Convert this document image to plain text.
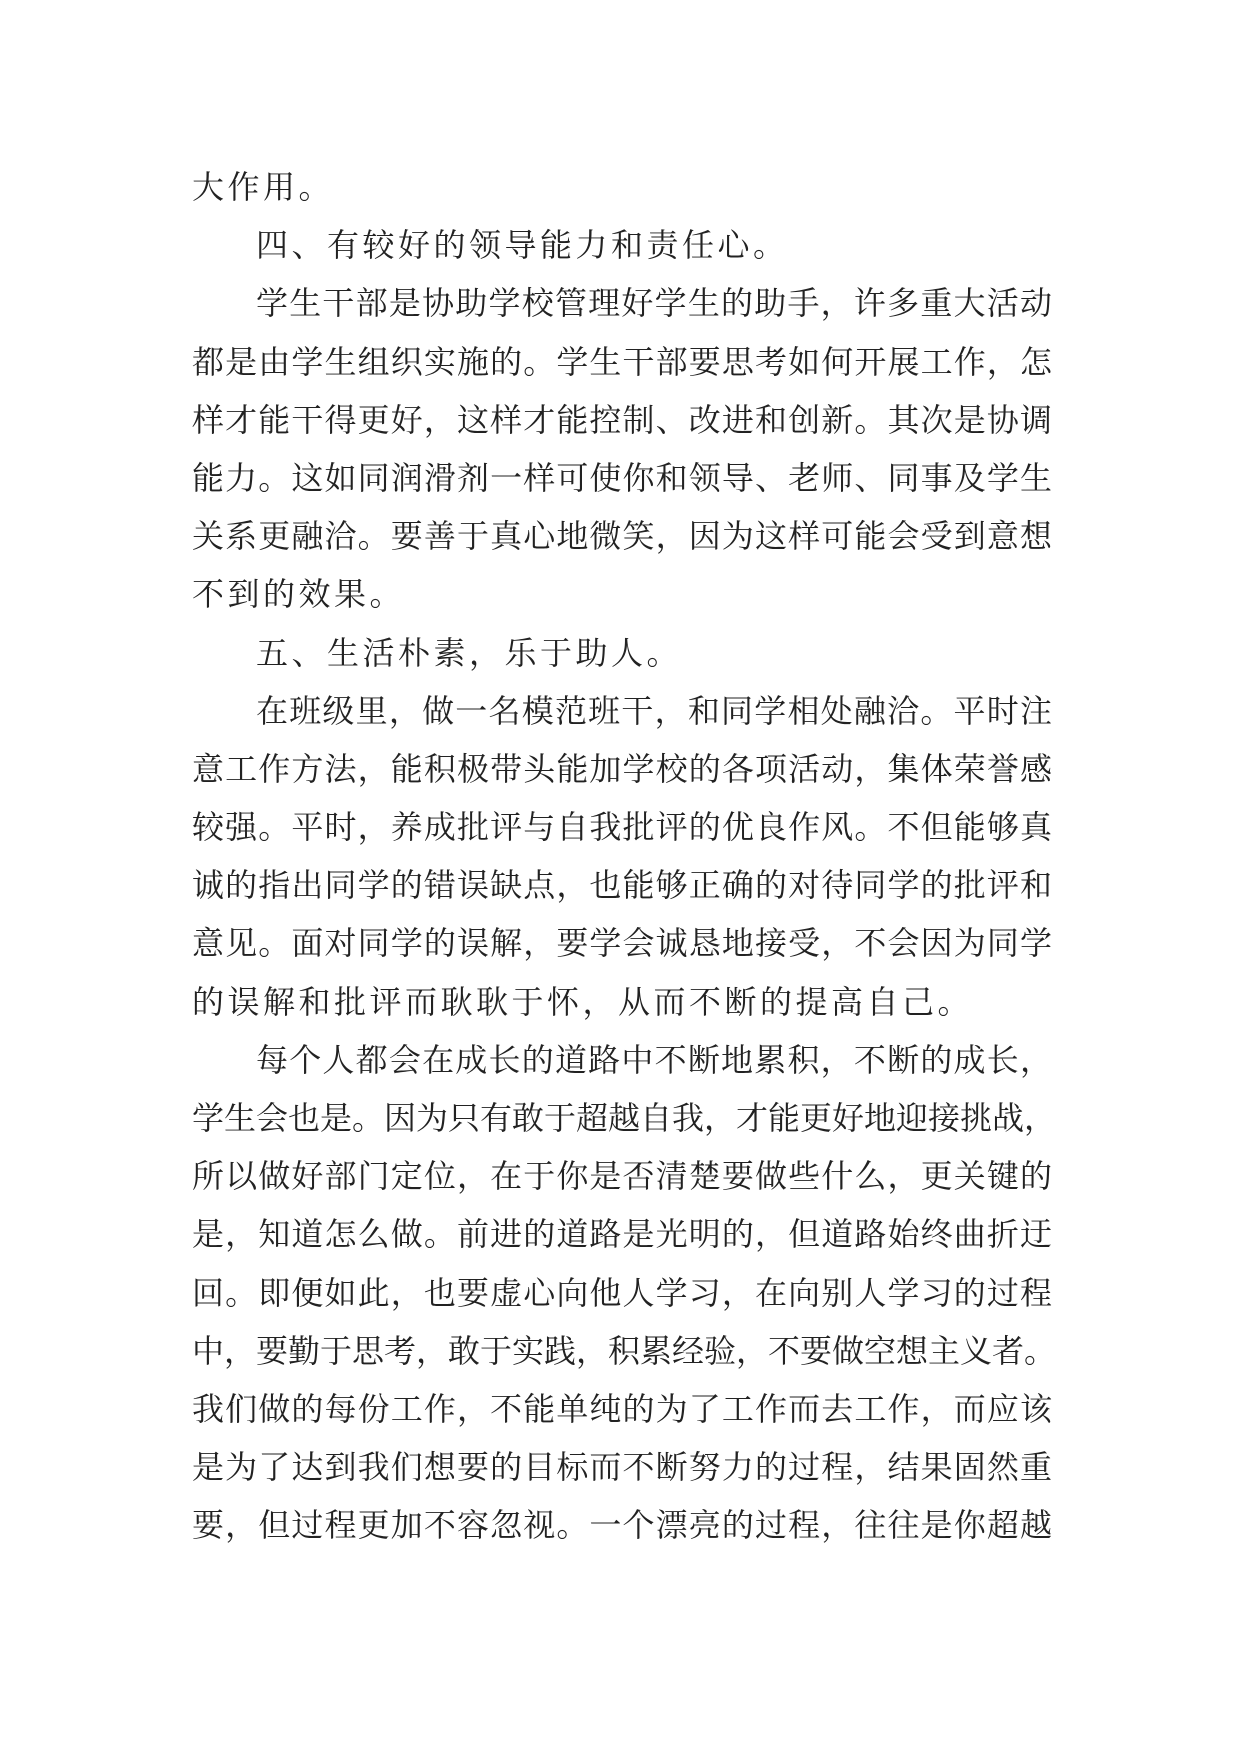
大作用。
四、有较好的领导能力和责任心。
学生干部是协助学校管理好学生的助手，许多重大活动
都是由学生组织实施的。学生干部要思考如何开展工作，怎
样才能干得更好，这样才能控制、改进和创新。其次是协调
能力。这如同润滑剂一样可使你和领导、老师、同事及学生
关系更融洽。要善于真心地微笑，因为这样可能会受到意想
不到的效果。
五、生活朴素，乐于助人。
在班级里，做一名模范班干，和同学相处融洽。平时注
意工作方法，能积极带头能加学校的各项活动，集体荣誉感
较强。平时，养成批评与自我批评的优良作风。不但能够真
诚的指出同学的错误缺点，也能够正确的对待同学的批评和
意见。面对同学的误解，要学会诚恳地接受，不会因为同学
的误解和批评而耿耿于怀，从而不断的提高自己。
每个人都会在成长的道路中不断地累积，不断的成长，
学生会也是。因为只有敢于超越自我，才能更好地迎接挑战，
所以做好部门定位，在于你是否清楚要做些什么，更关键的
是，知道怎么做。前进的道路是光明的，但道路始终曲折迂
回。即便如此，也要虚心向他人学习，在向别人学习的过程
中，要勤于思考，敢于实践，积累经验，不要做空想主义者。
我们做的每份工作，不能单纯的为了工作而去工作，而应该
是为了达到我们想要的目标而不断努力的过程，结果固然重
要，但过程更加不容忽视。一个漂亮的过程，往往是你超越
